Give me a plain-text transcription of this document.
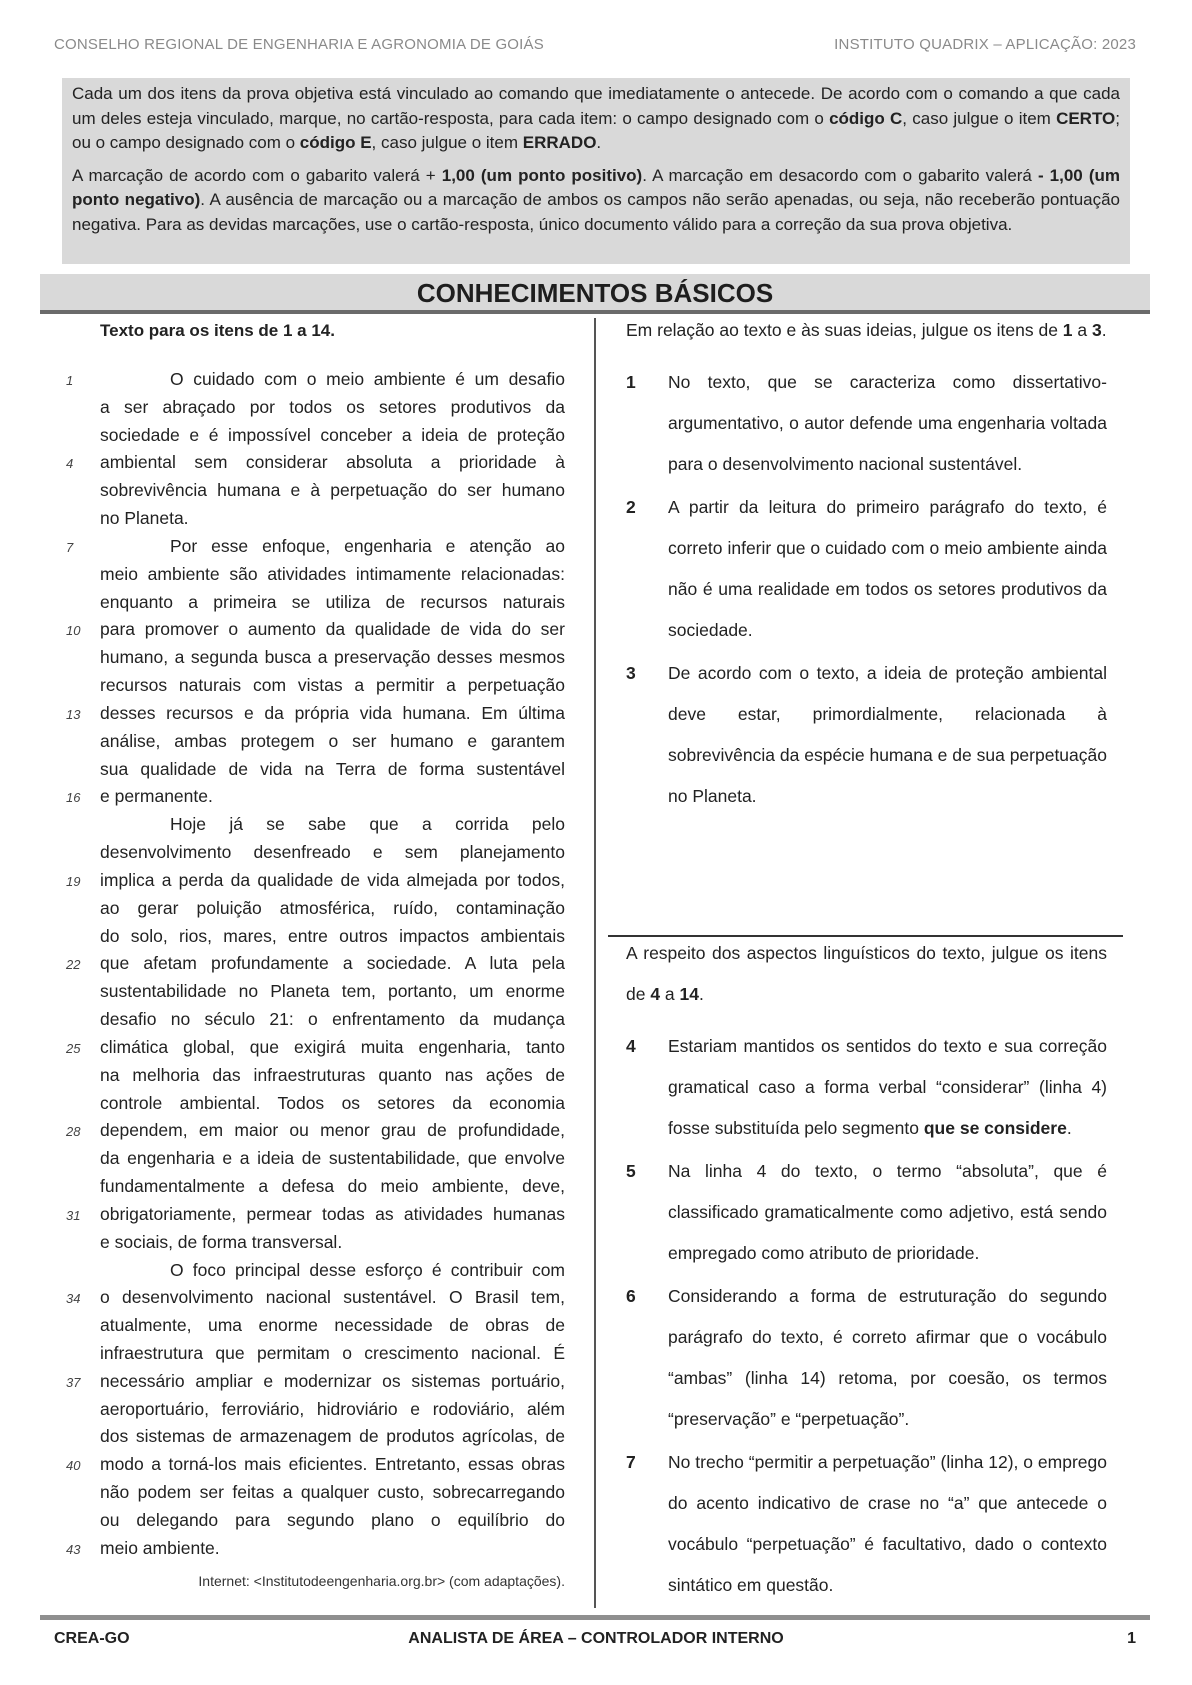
CONSELHO REGIONAL DE ENGENHARIA E AGRONOMIA DE GOIÁS	INSTITUTO QUADRIX – APLICAÇÃO: 2023

Cada um dos itens da prova objetiva está vinculado ao comando que imediatamente o antecede. De acordo com o comando a que cada um deles esteja vinculado, marque, no cartão-resposta, para cada item: o campo designado com o código C, caso julgue o item CERTO; ou o campo designado com o código E, caso julgue o item ERRADO.

A marcação de acordo com o gabarito valerá + 1,00 (um ponto positivo). A marcação em desacordo com o gabarito valerá - 1,00 (um ponto negativo). A ausência de marcação ou a marcação de ambos os campos não serão apenadas, ou seja, não receberão pontuação negativa. Para as devidas marcações, use o cartão-resposta, único documento válido para a correção da sua prova objetiva.

CONHECIMENTOS BÁSICOS
Texto para os itens de 1 a 14.
1	O cuidado com o meio ambiente é um desafio
a ser abraçado por todos os setores produtivos da
sociedade e é impossível conceber a ideia de proteção
4 ambiental sem considerar absoluta a prioridade à
sobrevivência humana e à perpetuação do ser humano
no Planeta.
7	Por esse enfoque, engenharia e atenção ao
meio ambiente são atividades intimamente relacionadas:
enquanto a primeira se utiliza de recursos naturais
10 para promover o aumento da qualidade de vida do ser
humano, a segunda busca a preservação desses mesmos
recursos naturais com vistas a permitir a perpetuação
13 desses recursos e da própria vida humana. Em última
análise, ambas protegem o ser humano e garantem
sua qualidade de vida na Terra de forma sustentável
16 e permanente.
Hoje já se sabe que a corrida pelo
desenvolvimento desenfreado e sem planejamento
19 implica a perda da qualidade de vida almejada por todos,
ao gerar poluição atmosférica, ruído, contaminação
do solo, rios, mares, entre outros impactos ambientais
22 que afetam profundamente a sociedade. A luta pela
sustentabilidade no Planeta tem, portanto, um enorme
desafio no século 21: o enfrentamento da mudança
25 climática global, que exigirá muita engenharia, tanto
na melhoria das infraestruturas quanto nas ações de
controle ambiental. Todos os setores da economia
28 dependem, em maior ou menor grau de profundidade,
da engenharia e a ideia de sustentabilidade, que envolve
fundamentalmente a defesa do meio ambiente, deve,
31 obrigatoriamente, permear todas as atividades humanas
e sociais, de forma transversal.
O foco principal desse esforço é contribuir com
34 o desenvolvimento nacional sustentável. O Brasil tem,
atualmente, uma enorme necessidade de obras de
infraestrutura que permitam o crescimento nacional. É
37 necessário ampliar e modernizar os sistemas portuário,
aeroportuário, ferroviário, hidroviário e rodoviário, além
dos sistemas de armazenagem de produtos agrícolas, de
40 modo a torná-los mais eficientes. Entretanto, essas obras
não podem ser feitas a qualquer custo, sobrecarregando
ou delegando para segundo plano o equilíbrio do
43 meio ambiente.
Internet: <Institutodeengenharia.org.br> (com adaptações).
Em relação ao texto e às suas ideias, julgue os itens de 1 a 3.
1 No texto, que se caracteriza como dissertativo-argumentativo, o autor defende uma engenharia voltada para o desenvolvimento nacional sustentável.
2 A partir da leitura do primeiro parágrafo do texto, é correto inferir que o cuidado com o meio ambiente ainda não é uma realidade em todos os setores produtivos da sociedade.
3 De acordo com o texto, a ideia de proteção ambiental deve estar, primordialmente, relacionada à sobrevivência da espécie humana e de sua perpetuação no Planeta.
A respeito dos aspectos linguísticos do texto, julgue os itens de 4 a 14.
4 Estariam mantidos os sentidos do texto e sua correção gramatical caso a forma verbal “considerar” (linha 4) fosse substituída pelo segmento que se considere.
5 Na linha 4 do texto, o termo “absoluta”, que é classificado gramaticalmente como adjetivo, está sendo empregado como atributo de prioridade.
6 Considerando a forma de estruturação do segundo parágrafo do texto, é correto afirmar que o vocábulo “ambas” (linha 14) retoma, por coesão, os termos “preservação” e “perpetuação”.
7 No trecho “permitir a perpetuação” (linha 12), o emprego do acento indicativo de crase no “a” que antecede o vocábulo “perpetuação” é facultativo, dado o contexto sintático em questão.
CREA-GO	ANALISTA DE ÁREA – CONTROLADOR INTERNO	1
